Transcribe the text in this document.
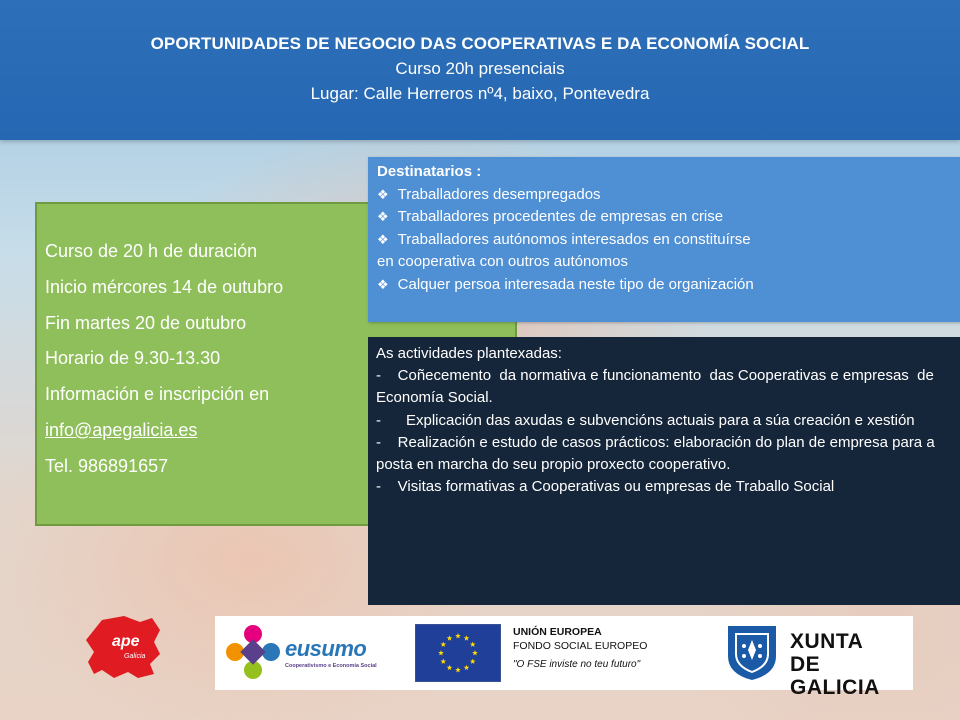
OPORTUNIDADES DE NEGOCIO DAS COOPERATIVAS E DA ECONOMÍA SOCIAL
Curso 20h presenciais
Lugar: Calle Herreros nº4, baixo, Pontevedra
Curso de 20 h de duración
Inicio mércores 14 de outubro
Fin martes 20 de outubro
Horario de 9.30-13.30
Información e inscripción en
info@apegalicia.es
Tel. 986891657
Destinatarios :
❖ Traballadores desempregados
❖ Traballadores procedentes de empresas en crise
❖ Traballadores autónomos interesados en constituírse
en cooperativa con outros autónomos
❖ Calquer persoa interesada neste tipo de organización
As actividades plantexadas:
-    Coñecemento  da normativa e funcionamento  das Cooperativas e empresas  de Economía Social.
-      Explicación das axudas e subvencións actuais para a súa creación e xestión
-    Realización e estudo de casos prácticos: elaboración do plan de empresa para a posta en marcha do seu propio proxecto cooperativo.
-    Visitas formativas a Cooperativas ou empresas de Traballo Social
ape
Galicia	eusumo
Cooperativismo e Economía Social
UNIÓN EUROPEA
FONDO SOCIAL EUROPEO
"O FSE inviste no teu futuro"
XUNTA
DE GALICIA
